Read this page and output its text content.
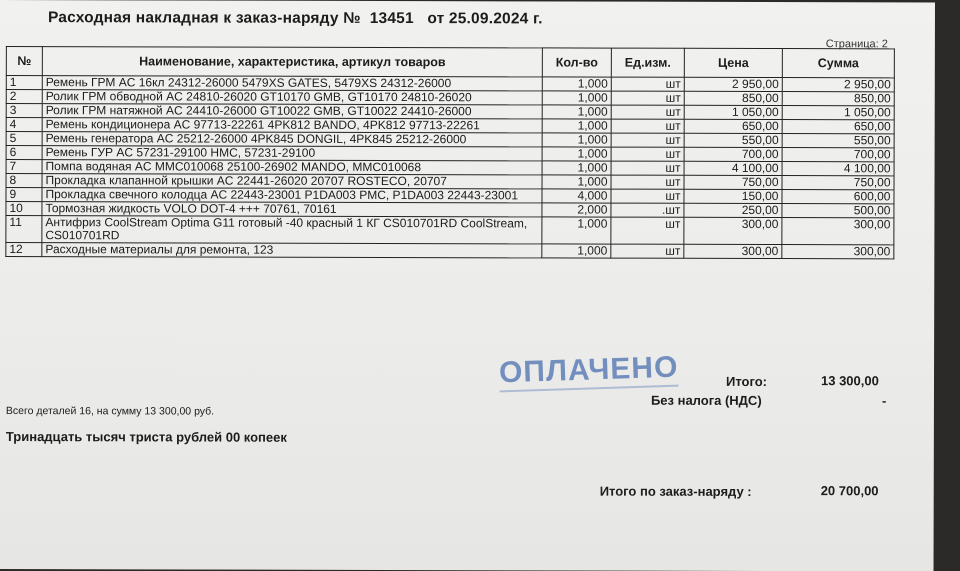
Расходная накладная к заказ-наряду №  13451   от 25.09.2024 г.
Страница: 2
№	Наименование, характеристика, артикул товаров	Кол-во	Ед.изм.	Цена	Сумма
1	Ремень ГРМ AC 16кл 24312-26000 5479XS GATES, 5479XS 24312-26000	1,000	шт	2 950,00	2 950,00
2	Ролик ГРМ обводной AC 24810-26020 GT10170 GMB, GT10170 24810-26020	1,000	шт	850,00	850,00
3	Ролик ГРМ натяжной AC 24410-26000 GT10022 GMB, GT10022 24410-26000	1,000	шт	1 050,00	1 050,00
4	Ремень кондиционера AC 97713-22261 4PK812 BANDO, 4PK812 97713-22261	1,000	шт	650,00	650,00
5	Ремень генератора AC 25212-26000 4PK845 DONGIL, 4PK845 25212-26000	1,000	шт	550,00	550,00
6	Ремень ГУР AC 57231-29100 HMC, 57231-29100	1,000	шт	700,00	700,00
7	Помпа водяная AC MMC010068 25100-26902 MANDO, MMC010068	1,000	шт	4 100,00	4 100,00
8	Прокладка клапанной крышки AC 22441-26020 20707 ROSTECO, 20707	1,000	шт	750,00	750,00
9	Прокладка свечного колодца AC 22443-23001 P1DA003 PMC, P1DA003 22443-23001	4,000	шт	150,00	600,00
10	Тормозная жидкость VOLO DOT-4 +++ 70761, 70161	2,000	.шт	250,00	500,00
11	Антифриз CoolStream Optima G11 готовый -40 красный 1 КГ CS010701RD CoolStream, CS010701RD	1,000	шт	300,00	300,00
12	Расходные материалы для ремонта, 123	1,000	шт	300,00	300,00
ОПЛАЧЕНО	Итого:	13 300,00
Без налога (НДС)	-
Всего деталей 16, на сумму 13 300,00 руб.
Тринадцать тысяч триста рублей 00 копеек
Итого по заказ-наряду :	20 700,00
